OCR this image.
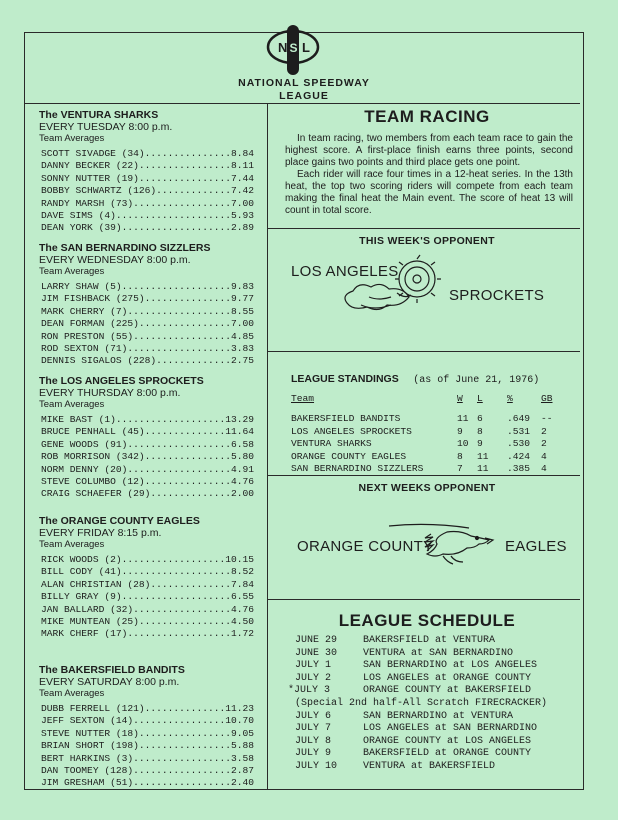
N S L
NATIONAL SPEEDWAY
LEAGUE
The VENTURA SHARKS
EVERY TUESDAY 8:00 p.m.
Team Averages
SCOTT SIVADGE (34)...............8.84
DANNY BECKER (22)................8.11
SONNY NUTTER (19)................7.44
BOBBY SCHWARTZ (126).............7.42
RANDY MARSH (73).................7.00
DAVE SIMS (4)....................5.93
DEAN YORK (39)...................2.89
The SAN BERNARDINO SIZZLERS
EVERY WEDNESDAY 8:00 p.m.
Team Averages
LARRY SHAW (5)...................9.83
JIM FISHBACK (275)...............9.77
MARK CHERRY (7)..................8.55
DEAN FORMAN (225)................7.00
RON PRESTON (55).................4.85
ROD SEXTON (71)..................3.83
DENNIS SIGALOS (228).............2.75
The LOS ANGELES SPROCKETS
EVERY THURSDAY 8:00 p.m.
Team Averages
MIKE BAST (1)...................13.29
BRUCE PENHALL (45)..............11.64
GENE WOODS (91)..................6.58
ROB MORRISON (342)...............5.80
NORM DENNY (20)..................4.91
STEVE COLUMBO (12)...............4.76
CRAIG SCHAEFER (29)..............2.00
The ORANGE COUNTY EAGLES
EVERY FRIDAY 8:15 p.m.
Team Averages
RICK WOODS (2)..................10.15
BILL CODY (41)...................8.52
ALAN CHRISTIAN (28)..............7.84
BILLY GRAY (9)...................6.55
JAN BALLARD (32).................4.76
MIKE MUNTEAN (25)................4.50
MARK CHERF (17)..................1.72
The BAKERSFIELD BANDITS
EVERY SATURDAY 8:00 p.m.
Team Averages
DUBB FERRELL (121)..............11.23
JEFF SEXTON (14)................10.70
STEVE NUTTER (18)................9.05
BRIAN SHORT (198)................5.88
BERT HARKINS (3).................3.58
DAN TOOMEY (128).................2.87
JIM GRESHAM (51).................2.40
TEAM RACING

In team racing, two members from each team race to gain the highest score. A first-place finish earns three points, second place gains two points and third place gets one point.

Each rider will race four times in a 12-heat series. In the 13th heat, the top two scoring riders will compete from each team making the final heat the Main event. The score of heat 13 will count in total score.

THIS WEEK'S OPPONENT
LOS ANGELES
SPROCKETS
LEAGUE STANDINGS (as of June 21, 1976)
Team	W L	%	GB
BAKERSFIELD BANDITS	11 6	.649 --
LOS ANGELES SPROCKETS	9 8	.531 2
VENTURA SHARKS	10 9	.530 2
ORANGE COUNTY EAGLES	8 11 .424 4
SAN BERNARDINO SIZZLERS	7 11 .385 4
NEXT WEEKS OPPONENT
ORANGE COUNTY	EAGLES
LEAGUE SCHEDULE
JUNE 29	BAKERSFIELD at VENTURA
JUNE 30	VENTURA at SAN BERNARDINO
JULY 1	SAN BERNARDINO at LOS ANGELES
JULY 2	LOS ANGELES at ORANGE COUNTY
*JULY 3	ORANGE COUNTY at BAKERSFIELD
(Special 2nd half-All Scratch FIRECRACKER)
JULY 6	SAN BERNARDINO at VENTURA
JULY 7	LOS ANGELES at SAN BERNARDINO
JULY 8	ORANGE COUNTY at LOS ANGELES
JULY 9	BAKERSFIELD at ORANGE COUNTY
JULY 10	VENTURA at BAKERSFIELD
